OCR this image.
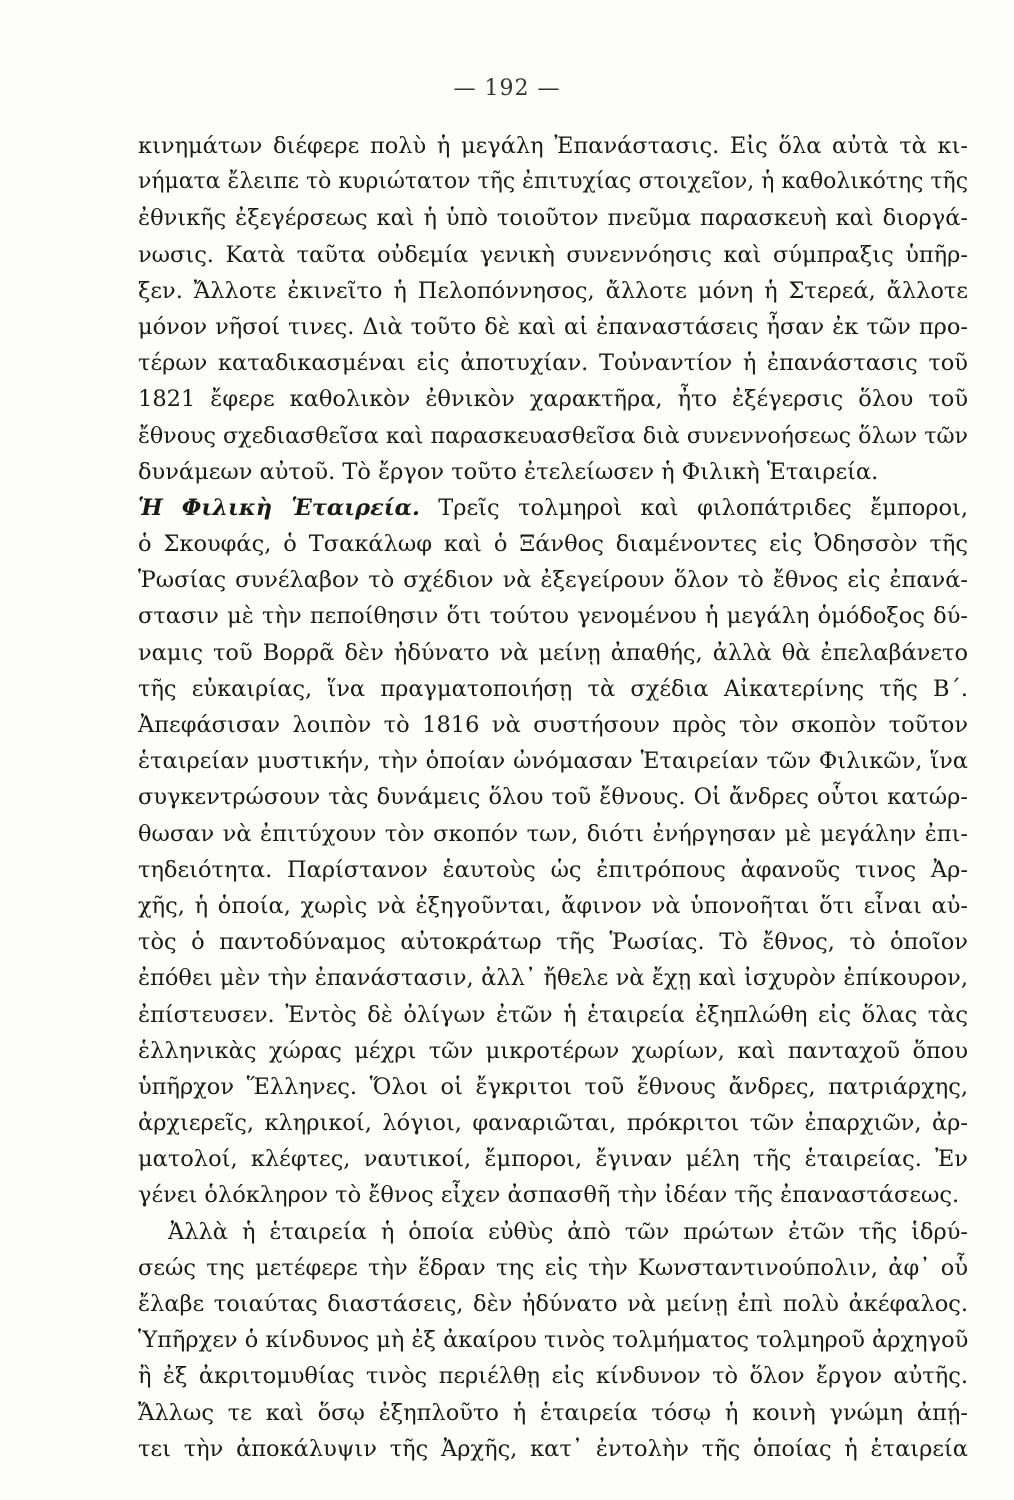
— 192 —
κινημάτων διέφερε πολὺ ἡ μεγάλη Ἐπανάστασις. Εἰς ὅλα αὐτὰ τὰ κι-
νήματα ἔλειπε τὸ κυριώτατον τῆς ἐπιτυχίας στοιχεῖον, ἡ καθολικότης τῆς
ἐθνικῆς ἐξεγέρσεως καὶ ἡ ὑπὸ τοιοῦτον πνεῦμα παρασκευὴ καὶ διοργά-
νωσις. Κατὰ ταῦτα οὐδεμία γενικὴ συνεννόησις καὶ σύμπραξις ὑπῆρ-
ξεν. Ἄλλοτε ἐκινεῖτο ἡ Πελοπόννησος, ἄλλοτε μόνη ἡ Στερεά, ἄλλοτε
μόνον νῆσοί τινες. Διὰ τοῦτο δὲ καὶ αἱ ἐπαναστάσεις ἦσαν ἐκ τῶν προ-
τέρων καταδικασμέναι εἰς ἀποτυχίαν. Τοὐναντίον ἡ ἐπανάστασις τοῦ
1821 ἔφερε καθολικὸν ἐθνικὸν χαρακτῆρα, ἦτο ἐξέγερσις ὅλου τοῦ
ἔθνους σχεδιασθεῖσα καὶ παρασκευασθεῖσα διὰ συνεννοήσεως ὅλων τῶν
δυνάμεων αὐτοῦ. Τὸ ἔργον τοῦτο ἐτελείωσεν ἡ Φιλικὴ Ἑταιρεία.
Ἡ Φιλικὴ Ἑταιρεία. Τρεῖς τολμηροὶ καὶ φιλοπάτριδες ἔμποροι,
ὁ Σκουφάς, ὁ Τσακάλωφ καὶ ὁ Ξάνθος διαμένοντες εἰς Ὀδησσὸν τῆς
Ῥωσίας συνέλαβον τὸ σχέδιον νὰ ἐξεγείρουν ὅλον τὸ ἔθνος εἰς ἐπανά-
στασιν μὲ τὴν πεποίθησιν ὅτι τούτου γενομένου ἡ μεγάλη ὁμόδοξος δύ-
ναμις τοῦ Βορρᾶ δὲν ἠδύνατο νὰ μείνῃ ἀπαθής, ἀλλὰ θὰ ἐπελαβάνετο
τῆς εὐκαιρίας, ἵνα πραγματοποιήσῃ τὰ σχέδια Αἰκατερίνης τῆς Β΄.
Ἀπεφάσισαν λοιπὸν τὸ 1816 νὰ συστήσουν πρὸς τὸν σκοπὸν τοῦτον
ἑταιρείαν μυστικήν, τὴν ὁποίαν ὠνόμασαν Ἑταιρείαν τῶν Φιλικῶν, ἵνα
συγκεντρώσουν τὰς δυνάμεις ὅλου τοῦ ἔθνους. Οἱ ἄνδρες οὗτοι κατώρ-
θωσαν νὰ ἐπιτύχουν τὸν σκοπόν των, διότι ἐνήργησαν μὲ μεγάλην ἐπι-
τηδειότητα. Παρίστανον ἑαυτοὺς ὡς ἐπιτρόπους ἀφανοῦς τινος Ἀρ-
χῆς, ἡ ὁποία, χωρὶς νὰ ἐξηγοῦνται, ἄφινον νὰ ὑπονοῆται ὅτι εἶναι αὐ-
τὸς ὁ παντοδύναμος αὐτοκράτωρ τῆς Ῥωσίας. Τὸ ἔθνος, τὸ ὁποῖον
ἐπόθει μὲν τὴν ἐπανάστασιν, ἀλλ᾿ ἤθελε νὰ ἔχῃ καὶ ἰσχυρὸν ἐπίκουρον,
ἐπίστευσεν. Ἐντὸς δὲ ὀλίγων ἐτῶν ἡ ἑταιρεία ἐξηπλώθη εἰς ὅλας τὰς
ἑλληνικὰς χώρας μέχρι τῶν μικροτέρων χωρίων, καὶ πανταχοῦ ὅπου
ὑπῆρχον Ἕλληνες. Ὅλοι οἱ ἔγκριτοι τοῦ ἔθνους ἄνδρες, πατριάρχης,
ἀρχιερεῖς, κληρικοί, λόγιοι, φαναριῶται, πρόκριτοι τῶν ἐπαρχιῶν, ἀρ-
ματολοί, κλέφτες, ναυτικοί, ἔμποροι, ἔγιναν μέλη τῆς ἑταιρείας. Ἐν
γένει ὁλόκληρον τὸ ἔθνος εἶχεν ἀσπασθῆ τὴν ἰδέαν τῆς ἐπαναστάσεως.
Ἀλλὰ ἡ ἑταιρεία ἡ ὁποία εὐθὺς ἀπὸ τῶν πρώτων ἐτῶν τῆς ἱδρύ-
σεώς της μετέφερε τὴν ἕδραν της εἰς τὴν Κωνσταντινούπολιν, ἀφ᾿ οὗ
ἔλαβε τοιαύτας διαστάσεις, δὲν ἠδύνατο νὰ μείνῃ ἐπὶ πολὺ ἀκέφαλος.
Ὑπῆρχεν ὁ κίνδυνος μὴ ἐξ ἀκαίρου τινὸς τολμήματος τολμηροῦ ἀρχηγοῦ
ἢ ἐξ ἀκριτομυθίας τινὸς περιέλθῃ εἰς κίνδυνον τὸ ὅλον ἔργον αὐτῆς.
Ἄλλως τε καὶ ὅσῳ ἐξηπλοῦτο ἡ ἑταιρεία τόσῳ ἡ κοινὴ γνώμη ἀπῄ-
τει τὴν ἀποκάλυψιν τῆς Ἀρχῆς, κατ᾿ ἐντολὴν τῆς ὁποίας ἡ ἑταιρεία
